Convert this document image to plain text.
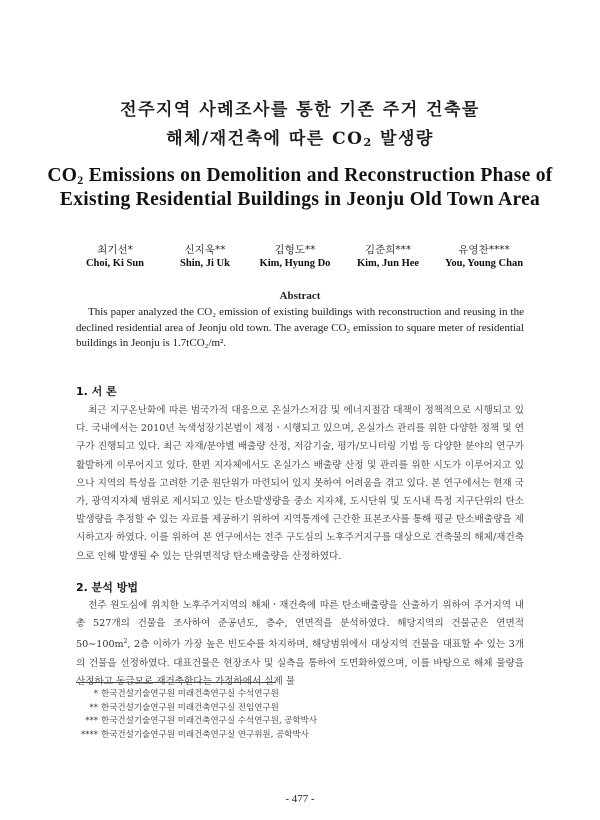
전주지역 사례조사를 통한 기존 주거 건축물
해체/재건축에 따른 $CO_2$ 발생량
$CO_2$ Emissions on Demolition and Reconstruction Phase of
Existing Residential Buildings in Jeonju Old Town Area
최기선*
Choi, Ki Sun
신지욱**
Shin, Ji Uk
김형도**
Kim, Hyung Do
김준희***
Kim, Jun Hee
유영찬****
You, Young Chan
Abstract
This paper analyzed the CO₂ emission of existing buildings with reconstruction and reusing in the declined residential area of Jeonju old town. The average CO₂ emission to square meter of residential buildings in Jeonju is 1.7tCO₂/m².
1. 서 론
최근 지구온난화에 따른 범국가적 대응으로 온실가스저감 및 에너지절감 대책이 정책적으로 시행되고 있다. 국내에서는 2010년 녹색성장기본법이 제정ㆍ시행되고 있으며, 온실가스 관리를 위한 다양한 정책 및 연구가 진행되고 있다. 최근 자재/분야별 배출량 산정, 저감기술, 평가/모니터링 기법 등 다양한 분야의 연구가 활발하게 이루어지고 있다. 한편 지자체에서도 온실가스 배출량 산정 및 관리를 위한 시도가 이루어지고 있으나 지역의 특성을 고려한 기준 원단위가 마련되어 있지 못하여 어려움을 겪고 있다. 본 연구에서는 현재 국가, 광역지자체 범위로 제시되고 있는 탄소발생량을 중소 지자체, 도시단위 및 도시내 특정 지구단위의 탄소발생량을 추정할 수 있는 자료를 제공하기 위하여 지역통계에 근간한 표본조사를 통해 평균 탄소배출량을 제시하고자 하였다. 이를 위하여 본 연구에서는 전주 구도심의 노후주거지구를 대상으로 건축물의 해체/재건축으로 인해 발생될 수 있는 단위면적당 탄소배출량을 산정하였다.
2. 분석 방법
전주 원도심에 위치한 노후주거지역의 해체ㆍ재건축에 따른 탄소배출량을 산출하기 위하여 주거지역 내 총 527개의 건물을 조사하여 준공년도, 층수, 연면적을 분석하였다. 해당지역의 건물군은 연면적 $50\sim 100m^2$, 2층 이하가 가장 높은 빈도수를 차지하며, 해당범위에서 대상지역 건물을 대표할 수 있는 3개의 건물을 선정하였다. 대표건물은 현장조사 및 실측을 통하여 도면화하였으며, 이를 바탕으로 해체 물량을 산정하고 동급모로 재건축한다는 가정하에서 실제 물
* 한국건설기술연구원 미래건축연구실 수석연구원
** 한국건설기술연구원 미래건축연구실 전임연구원
*** 한국건설기술연구원 미래건축연구실 수석연구원, 공학박사
**** 한국건설기술연구원 미래건축연구실 연구위원, 공학박사
- 477 -
